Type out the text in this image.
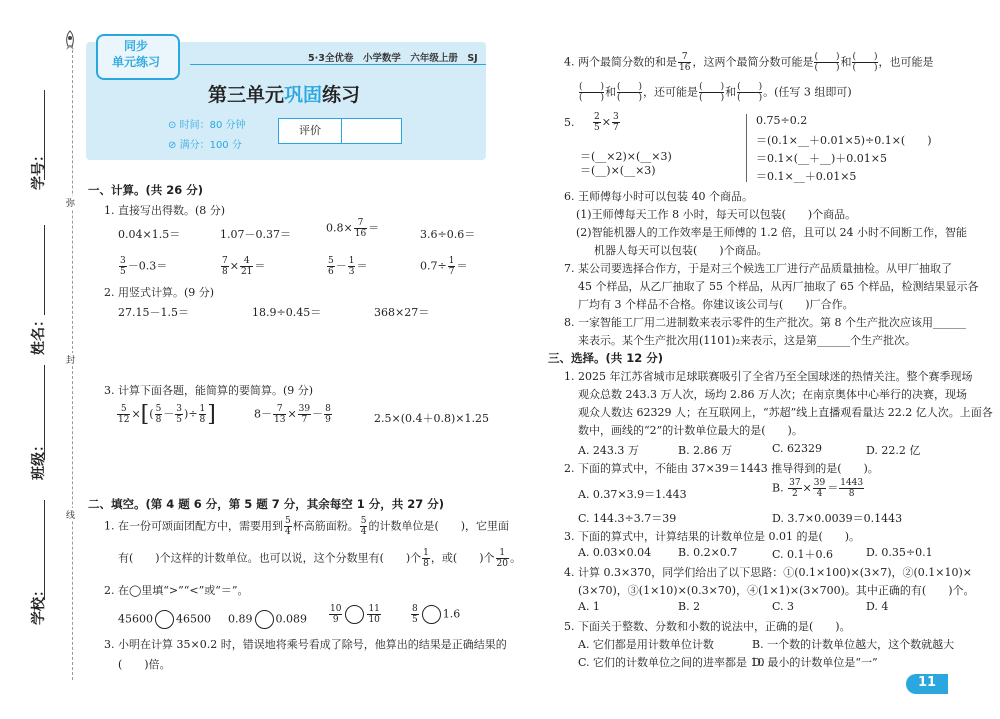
学号：
姓名：
班级：
学校：
弥
封
线
5·3全优卷　小学数学　六年级上册　SJ
同步
单元练习
第三单元巩固练习
⊙ 时间：80 分钟
⊘ 满分：100 分
评价
一、计算。(共 26 分)
1. 直接写出得数。(8 分)
0.04×1.5＝	1.07－0.37＝	$0.8\times \frac{7}{16}$ ＝	3.6÷0.6＝
$\frac{3}{5} -0.3=$	$\frac{7}{8} \times \frac{4}{21}$ ＝	$\frac{5}{6} - \frac{1}{3}$ ＝	$0.7\div \frac{1}{7}$ ＝
2. 用竖式计算。(9 分)
27.15－1.5＝	18.9÷0.45＝	368×27＝
3. 计算下面各题，能简算的要简算。(9 分)
$\frac{5}{12}$ ×[( $\frac{5}{8} - \frac{3}{5}$ )÷ $\frac{1}{8}$ ]	$8- \frac{7}{13} \times \frac{39}{7} - \frac{8}{9}$	2.5×(0.4＋0.8)×1.25
二、填空。(第 4 题 6 分，第 5 题 7 分，其余每空 1 分，共 27 分)
1. 在一份可颂面团配方中，需要用到 $\frac{5}{4}$ 杯高筋面粉。 $\frac{5}{4}$ 的计数单位是(　　)，它里面
有(　　)个这样的计数单位。也可以说，这个分数里有(　　)个 $\frac{1}{8}$ ，或(　　)个 $\frac{1}{20}$ 。
2. 在◯里填“>”“<”或“＝”。
45600 46500 0.89 $0.089 \frac{10}{9}$	$\frac{11}{10}$	$\frac{8}{5} 1.6$
3. 小明在计算 35×0.2 时，错误地将乘号看成了除号，他算出的结果是正确结果的
(　　)倍。
4. 两个最简分数的和是 $\frac{7}{16}$ ，这两个最简分数可能是 (　　)
(　　) 和 (　　)
(　　) ，也可能是
(　　)
(　　) 和 (　　)
(　　) ，还可能是 (　　)
(　　) 和 (　　)
(　　) 。(任写 3 组即可)
5. $\frac{2}{5} \times \frac{3}{7}$
＝(__×2)×(__×3)
＝(__)×(__×3)
0.75÷0.2
＝(0.1×__＋0.01×5)÷0.1×(　　)
＝0.1×(__＋__)＋0.01×5
＝0.1×__＋0.01×5
6. 王师傅每小时可以包装 40 个商品。
(1)王师傅每天工作 8 小时，每天可以包装(　　)个商品。
(2)智能机器人的工作效率是王师傅的 1.2 倍，且可以 24 小时不间断工作，智能
机器人每天可以包装(　　)个商品。
7. 某公司要选择合作方，于是对三个候选工厂进行产品质量抽检。从甲厂抽取了
45 个样品，从乙厂抽取了 55 个样品，从丙厂抽取了 65 个样品，检测结果显示各
厂均有 3 个样品不合格。你建议该公司与(　　)厂合作。
8. 一家智能工厂用二进制数来表示零件的生产批次。第 8 个生产批次应该用______
来表示。某个生产批次用(1101)₂来表示，这是第______个生产批次。
三、选择。(共 12 分)
1. 2025 年江苏省城市足球联赛吸引了全省乃至全国球迷的热情关注。整个赛季现场
观众总数 243.3 万人次，场均 2.86 万人次；在南京奥体中心举行的决赛，现场
观众人数达 62329 人；在互联网上，“苏超”线上直播观看量达 22.2 亿人次。上面各
数中，画线的“2”的计数单位最大的是(　　)。
A. 243.3 万	B. 2.86 万	C. 62329	D. 22.2 亿
2. 下面的算式中，不能由 37×39＝1443 推导得到的是(　　)。
A. 0.37×3.9＝1.443	B. $\frac{37}{2} \times \frac{39}{4} = \frac{1443}{8}$
C. 144.3÷3.7＝39	D. 3.7×0.0039＝0.1443
3. 下面的算式中，计算结果的计数单位是 0.01 的是(　　)。
A. 0.03×0.04 B. 0.2×0.7	C. 0.1＋0.6	D. 0.35÷0.1
4. 计算 0.3×370，同学们给出了以下思路：①(0.1×100)×(3×7)，②(0.1×10)×
(3×70)，③(1×10)×(0.3×70)，④(1×1)×(3×700)。其中正确的有(　　)个。
A. 1	B. 2	C. 3	D. 4
5. 下面关于整数、分数和小数的说法中，正确的是(　　)。
A. 它们都是用计数单位计数	B. 一个数的计数单位越大，这个数就越大
C. 它们的计数单位之间的进率都是 10
D. 最小的计数单位是“一”
11
